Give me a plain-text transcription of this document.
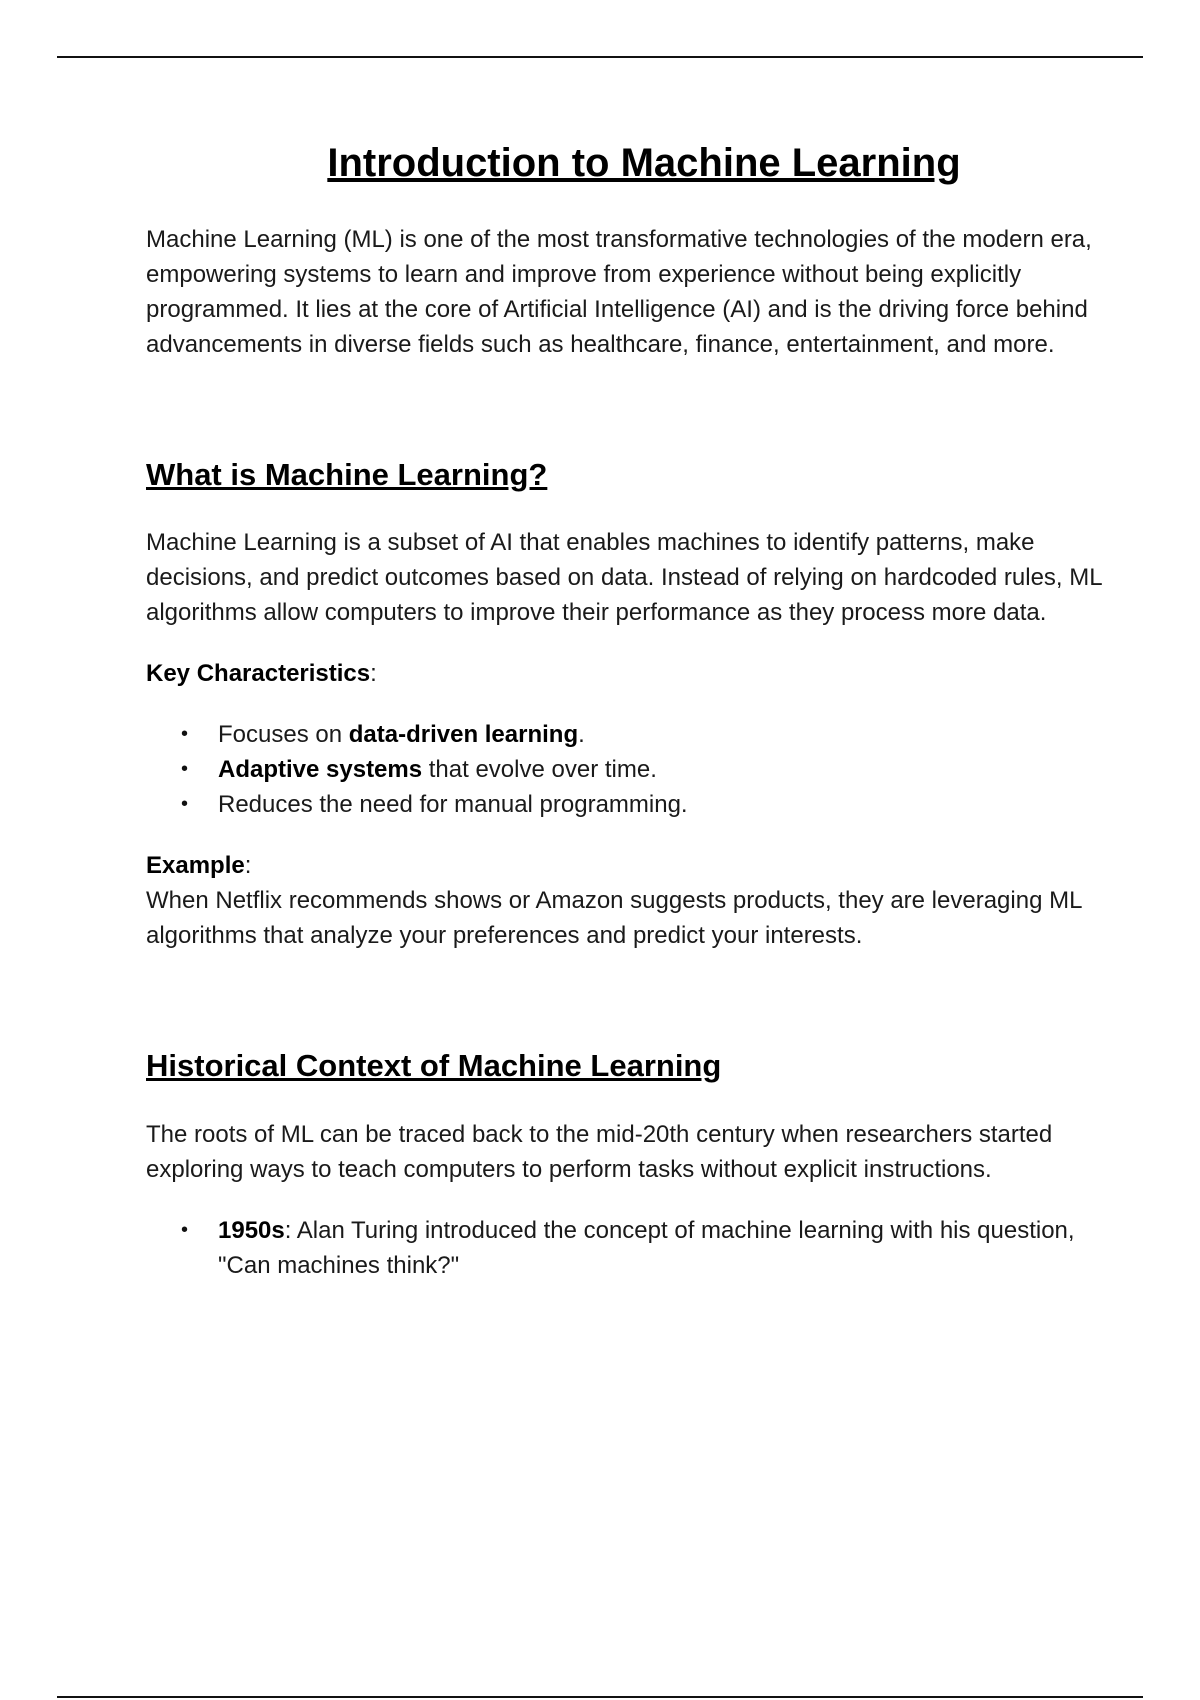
Introduction to Machine Learning

Machine Learning (ML) is one of the most transformative technologies of the modern era, empowering systems to learn and improve from experience without being explicitly programmed. It lies at the core of Artificial Intelligence (AI) and is the driving force behind advancements in diverse fields such as healthcare, finance, entertainment, and more.

What is Machine Learning?

Machine Learning is a subset of AI that enables machines to identify patterns, make decisions, and predict outcomes based on data. Instead of relying on hardcoded rules, ML algorithms allow computers to improve their performance as they process more data.

Key Characteristics:

• Focuses on data-driven learning.
• Adaptive systems that evolve over time.
• Reduces the need for manual programming.

Example:

When Netflix recommends shows or Amazon suggests products, they are leveraging ML algorithms that analyze your preferences and predict your interests.

Historical Context of Machine Learning

The roots of ML can be traced back to the mid-20th century when researchers started exploring ways to teach computers to perform tasks without explicit instructions.

• 1950s: Alan Turing introduced the concept of machine learning with his question, "Can machines think?"
